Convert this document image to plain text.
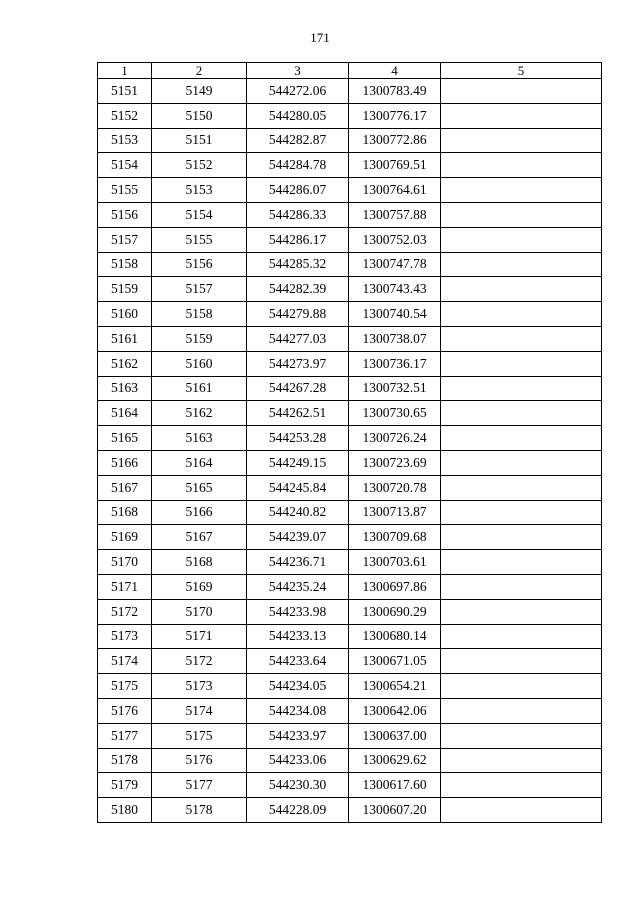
171
1	2	3	4	5
5151	5149	544272.06	1300783.49	
5152	5150	544280.05	1300776.17	
5153	5151	544282.87	1300772.86	
5154	5152	544284.78	1300769.51	
5155	5153	544286.07	1300764.61	
5156	5154	544286.33	1300757.88	
5157	5155	544286.17	1300752.03	
5158	5156	544285.32	1300747.78	
5159	5157	544282.39	1300743.43	
5160	5158	544279.88	1300740.54	
5161	5159	544277.03	1300738.07	
5162	5160	544273.97	1300736.17	
5163	5161	544267.28	1300732.51	
5164	5162	544262.51	1300730.65	
5165	5163	544253.28	1300726.24	
5166	5164	544249.15	1300723.69	
5167	5165	544245.84	1300720.78	
5168	5166	544240.82	1300713.87	
5169	5167	544239.07	1300709.68	
5170	5168	544236.71	1300703.61	
5171	5169	544235.24	1300697.86	
5172	5170	544233.98	1300690.29	
5173	5171	544233.13	1300680.14	
5174	5172	544233.64	1300671.05	
5175	5173	544234.05	1300654.21	
5176	5174	544234.08	1300642.06	
5177	5175	544233.97	1300637.00	
5178	5176	544233.06	1300629.62	
5179	5177	544230.30	1300617.60	
5180	5178	544228.09	1300607.20	
